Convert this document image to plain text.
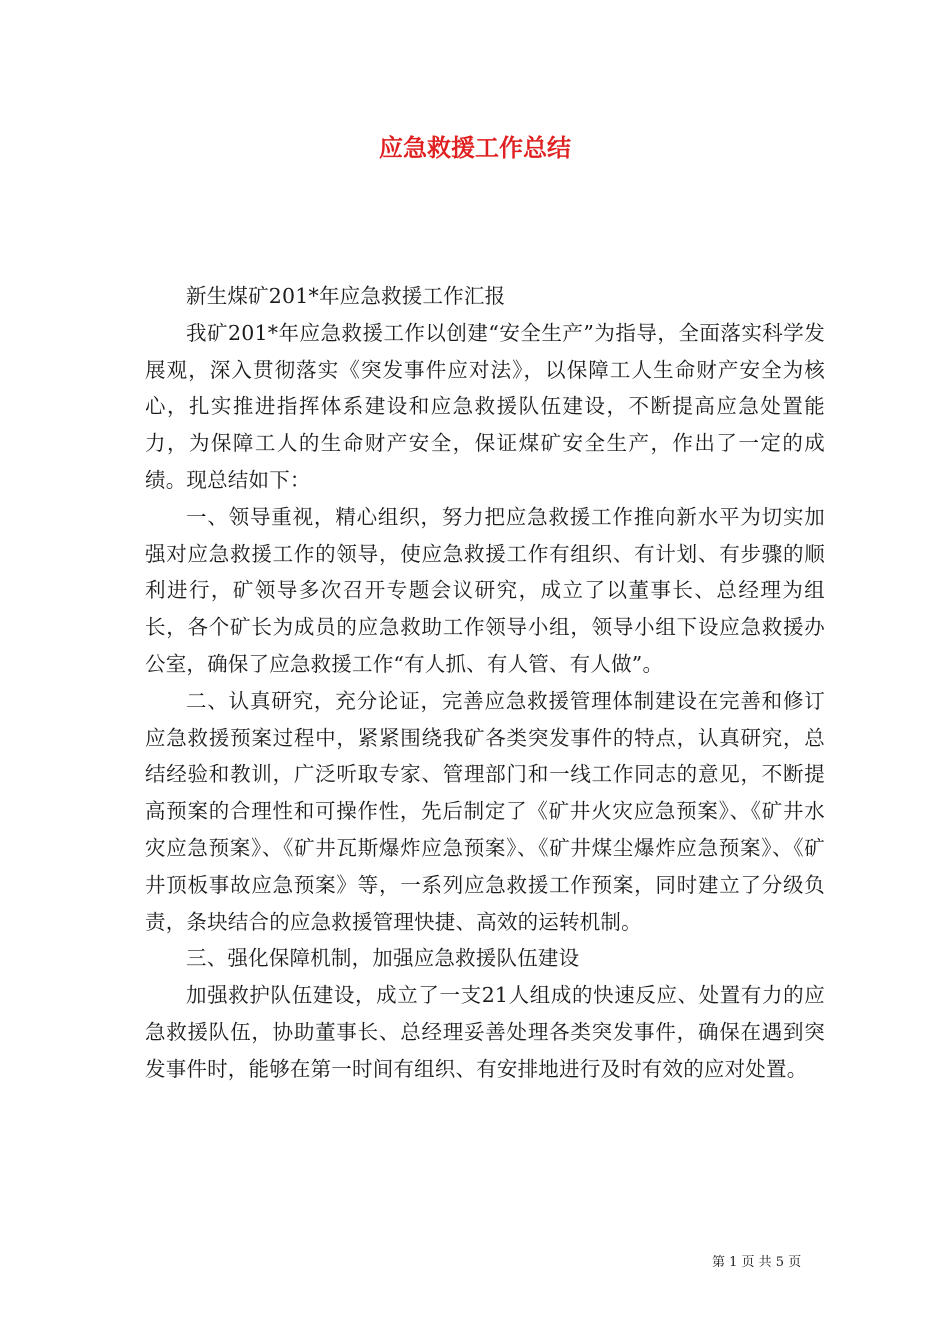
应急救援工作总结

新生煤矿201*年应急救援工作汇报

我矿201*年应急救援工作以创建“安全生产”为指导，全面落实科学发展观，深入贯彻落实《突发事件应对法》，以保障工人生命财产安全为核心，扎实推进指挥体系建设和应急救援队伍建设，不断提高应急处置能力，为保障工人的生命财产安全，保证煤矿安全生产，作出了一定的成绩。现总结如下：

一、领导重视，精心组织，努力把应急救援工作推向新水平为切实加强对应急救援工作的领导，使应急救援工作有组织、有计划、有步骤的顺利进行，矿领导多次召开专题会议研究，成立了以董事长、总经理为组长，各个矿长为成员的应急救助工作领导小组，领导小组下设应急救援办公室，确保了应急救援工作“有人抓、有人管、有人做”。

二、认真研究，充分论证，完善应急救援管理体制建设在完善和修订应急救援预案过程中，紧紧围绕我矿各类突发事件的特点，认真研究，总结经验和教训，广泛听取专家、管理部门和一线工作同志的意见，不断提高预案的合理性和可操作性，先后制定了《矿井火灾应急预案》、《矿井水灾应急预案》、《矿井瓦斯爆炸应急预案》、《矿井煤尘爆炸应急预案》、《矿井顶板事故应急预案》等，一系列应急救援工作预案，同时建立了分级负责，条块结合的应急救援管理快捷、高效的运转机制。

三、强化保障机制，加强应急救援队伍建设

加强救护队伍建设，成立了一支21人组成的快速反应、处置有力的应急救援队伍，协助董事长、总经理妥善处理各类突发事件，确保在遇到突发事件时，能够在第一时间有组织、有安排地进行及时有效的应对处置。

第 1 页 共 5 页
